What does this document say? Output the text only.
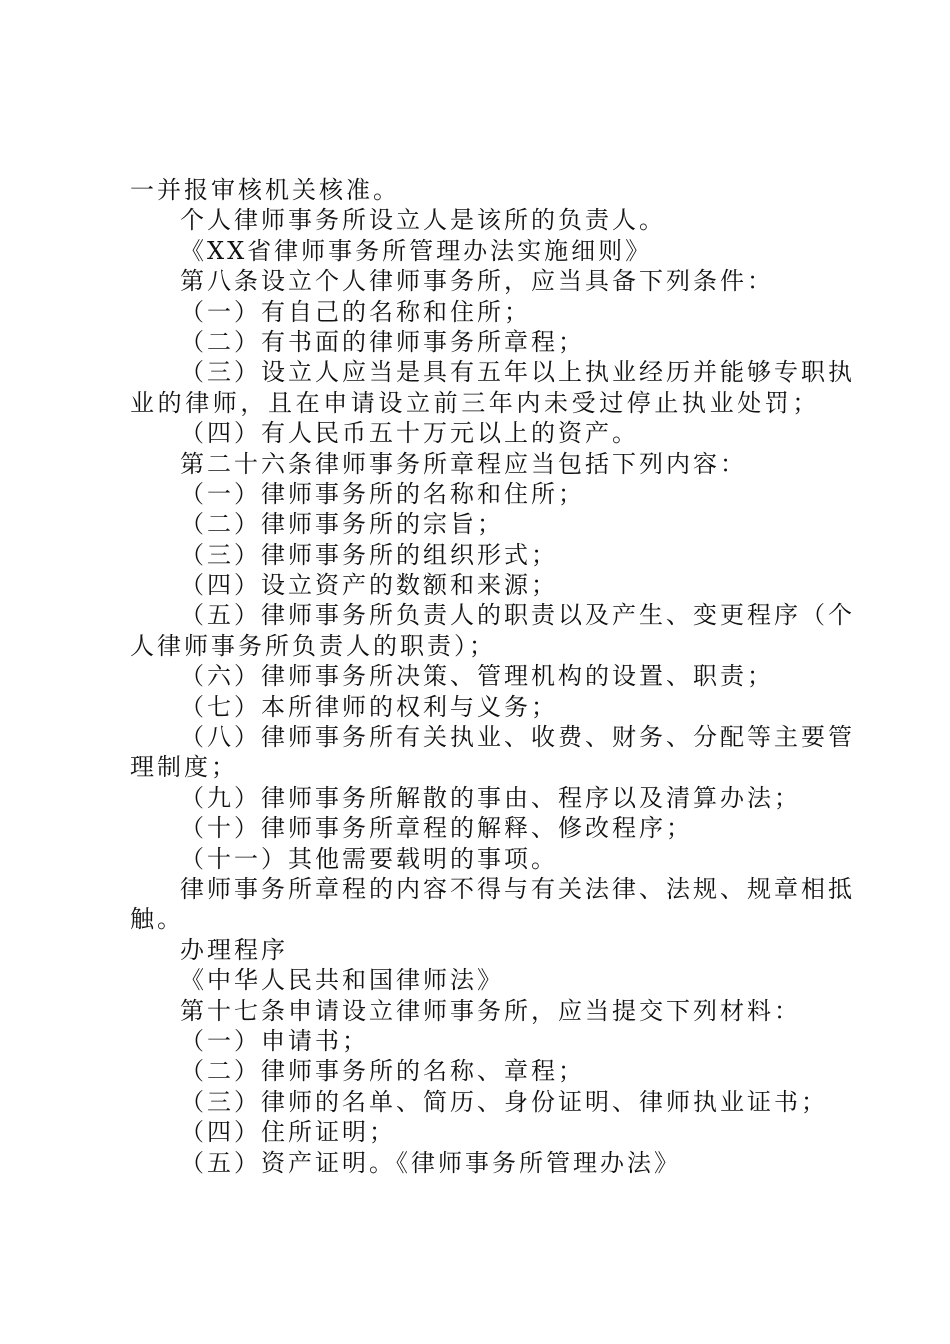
一并报审核机关核准。
个人律师事务所设立人是该所的负责人。
《XX省律师事务所管理办法实施细则》
第八条设立个人律师事务所，应当具备下列条件：
（一）有自己的名称和住所；
（二）有书面的律师事务所章程；
（三）设立人应当是具有五年以上执业经历并能够专职执
业的律师，且在申请设立前三年内未受过停止执业处罚；
（四）有人民币五十万元以上的资产。
第二十六条律师事务所章程应当包括下列内容：
（一）律师事务所的名称和住所；
（二）律师事务所的宗旨；
（三）律师事务所的组织形式；
（四）设立资产的数额和来源；
（五）律师事务所负责人的职责以及产生、变更程序（个
人律师事务所负责人的职责）；
（六）律师事务所决策、管理机构的设置、职责；
（七）本所律师的权利与义务；
（八）律师事务所有关执业、收费、财务、分配等主要管
理制度；
（九）律师事务所解散的事由、程序以及清算办法；
（十）律师事务所章程的解释、修改程序；
（十一）其他需要载明的事项。
律师事务所章程的内容不得与有关法律、法规、规章相抵
触。
办理程序
《中华人民共和国律师法》
第十七条申请设立律师事务所，应当提交下列材料：
（一）申请书；
（二）律师事务所的名称、章程；
（三）律师的名单、简历、身份证明、律师执业证书；
（四）住所证明；
（五）资产证明。《律师事务所管理办法》
